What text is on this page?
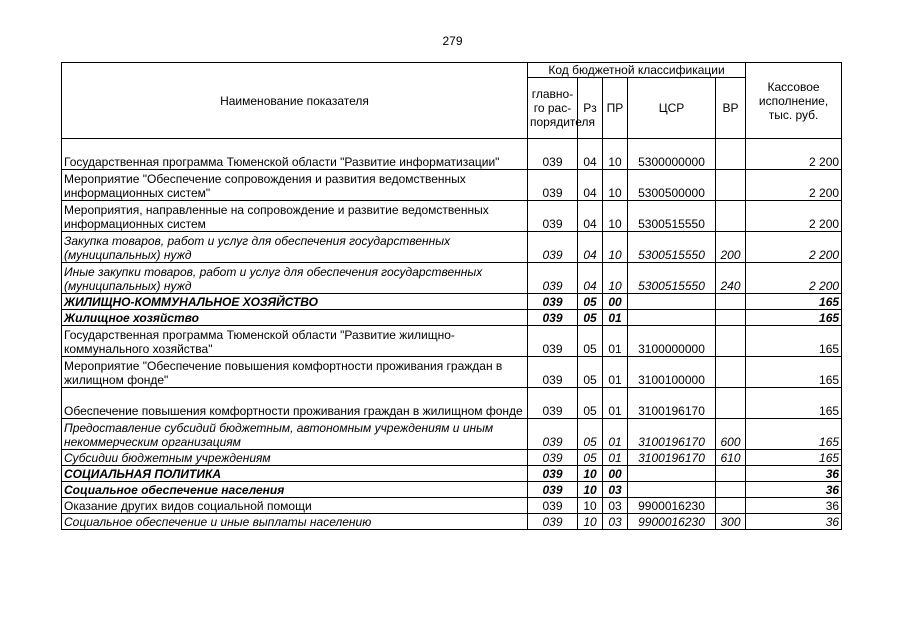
279
Наименование показателя	Код бюджетной классификации					Кассовое исполнение, тыс. руб.
	главно-го рас-порядителя	Рз	ПР	ЦСР	ВР	
Государственная программа Тюменской области "Развитие информатизации"	039	04	10	5300000000		2 200
Мероприятие "Обеспечение сопровождения и развития ведомственных информационных систем"	039	04	10	5300500000		2 200
Мероприятия, направленные на сопровождение и развитие ведомственных информационных систем	039	04	10	5300515550		2 200
Закупка товаров, работ и услуг для обеспечения государственных (муниципальных) нужд	039	04	10	5300515550	200	2 200
Иные закупки товаров, работ и услуг для обеспечения государственных (муниципальных) нужд	039	04	10	5300515550	240	2 200
ЖИЛИЩНО-КОММУНАЛЬНОЕ ХОЗЯЙСТВО	039	05	00			165
Жилищное хозяйство	039	05	01			165
Государственная программа Тюменской области "Развитие жилищно-коммунального хозяйства"	039	05	01	3100000000		165
Мероприятие "Обеспечение повышения комфортности проживания граждан в жилищном фонде"	039	05	01	3100100000		165
Обеспечение повышения комфортности проживания граждан в жилищном фонде	039	05	01	3100196170		165
Предоставление субсидий бюджетным, автономным учреждениям и иным некоммерческим организациям	039	05	01	3100196170	600	165
Субсидии бюджетным учреждениям	039	05	01	3100196170	610	165
СОЦИАЛЬНАЯ ПОЛИТИКА	039	10	00			36
Социальное обеспечение населения	039	10	03			36
Оказание других видов социальной помощи	039	10	03	9900016230		36
Социальное обеспечение и иные выплаты населению	039	10	03	9900016230	300	36
